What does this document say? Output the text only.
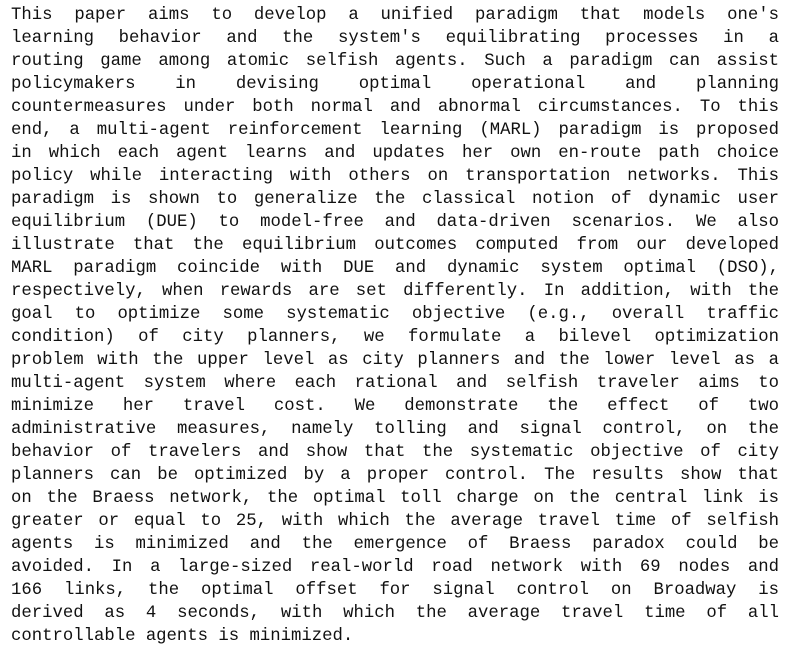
This paper aims to develop a unified paradigm that models one's
learning behavior and the system's equilibrating processes in a
routing game among atomic selfish agents. Such a paradigm can assist
policymakers in devising optimal operational and planning
countermeasures under both normal and abnormal circumstances. To this
end, a multi-agent reinforcement learning (MARL) paradigm is proposed
in which each agent learns and updates her own en-route path choice
policy while interacting with others on transportation networks. This
paradigm is shown to generalize the classical notion of dynamic user
equilibrium (DUE) to model-free and data-driven scenarios. We also
illustrate that the equilibrium outcomes computed from our developed
MARL paradigm coincide with DUE and dynamic system optimal (DSO),
respectively, when rewards are set differently. In addition, with the
goal to optimize some systematic objective (e.g., overall traffic
condition) of city planners, we formulate a bilevel optimization
problem with the upper level as city planners and the lower level as a
multi-agent system where each rational and selfish traveler aims to
minimize her travel cost. We demonstrate the effect of two
administrative measures, namely tolling and signal control, on the
behavior of travelers and show that the systematic objective of city
planners can be optimized by a proper control. The results show that
on the Braess network, the optimal toll charge on the central link is
greater or equal to 25, with which the average travel time of selfish
agents is minimized and the emergence of Braess paradox could be
avoided. In a large-sized real-world road network with 69 nodes and
166 links, the optimal offset for signal control on Broadway is
derived as 4 seconds, with which the average travel time of all
controllable agents is minimized.
